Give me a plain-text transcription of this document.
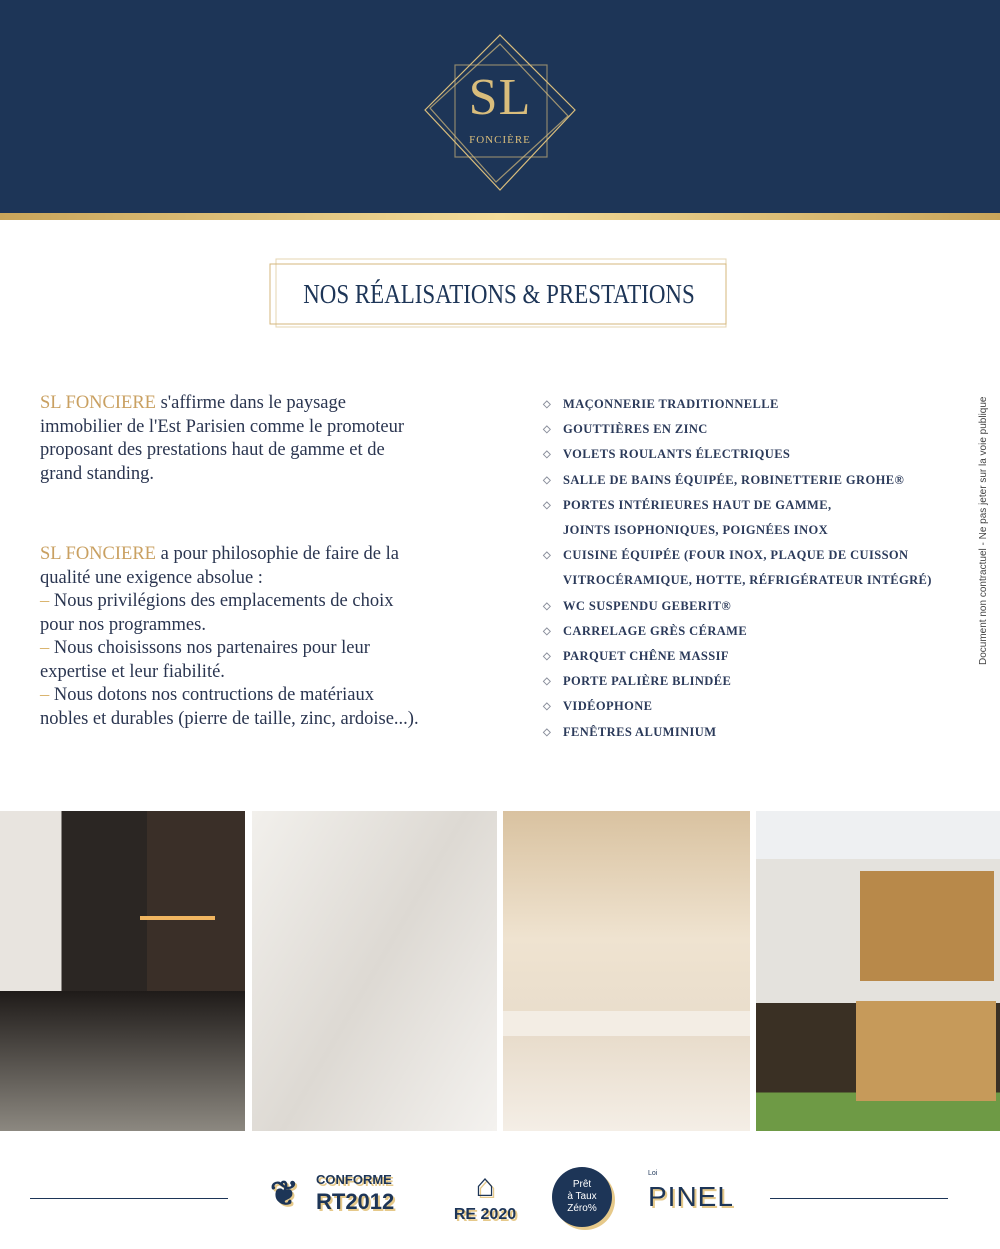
SL
FONCIÈRE
NOS RÉALISATIONS & PRESTATIONS
SL FONCIERE s'affirme dans le paysage
immobilier de l'Est Parisien comme le promoteur
proposant des prestations haut de gamme et de
grand standing.
SL FONCIERE a pour philosophie de faire de la
qualité une exigence absolue :
– Nous privilégions des emplacements de choix
pour nos programmes.
– Nous choisissons nos partenaires pour leur
expertise et leur fiabilité.
– Nous dotons nos contructions de matériaux
nobles et durables (pierre de taille, zinc, ardoise...).
◇ MAÇONNERIE TRADITIONNELLE
◇ GOUTTIÈRES EN ZINC
◇ VOLETS ROULANTS ÉLECTRIQUES
◇ SALLE DE BAINS ÉQUIPÉE, ROBINETTERIE GROHE®
◇ PORTES INTÉRIEURES HAUT DE GAMME,
JOINTS ISOPHONIQUES, POIGNÉES INOX
◇ CUISINE ÉQUIPÉE (FOUR INOX, PLAQUE DE CUISSON
VITROCÉRAMIQUE, HOTTE, RÉFRIGÉRATEUR INTÉGRÉ)
◇ WC SUSPENDU GEBERIT®
◇ CARRELAGE GRÈS CÉRAME
◇ PARQUET CHÊNE MASSIF
◇ PORTE PALIÈRE BLINDÉE
◇ VIDÉOPHONE
◇ FENÊTRES ALUMINIUM
Document non contractuel - Ne pas jeter sur la voie publique
❦ CONFORME
RT2012	⌂
RE 2020
Prêt
à Taux
Zéro%
Loi
PINEL
